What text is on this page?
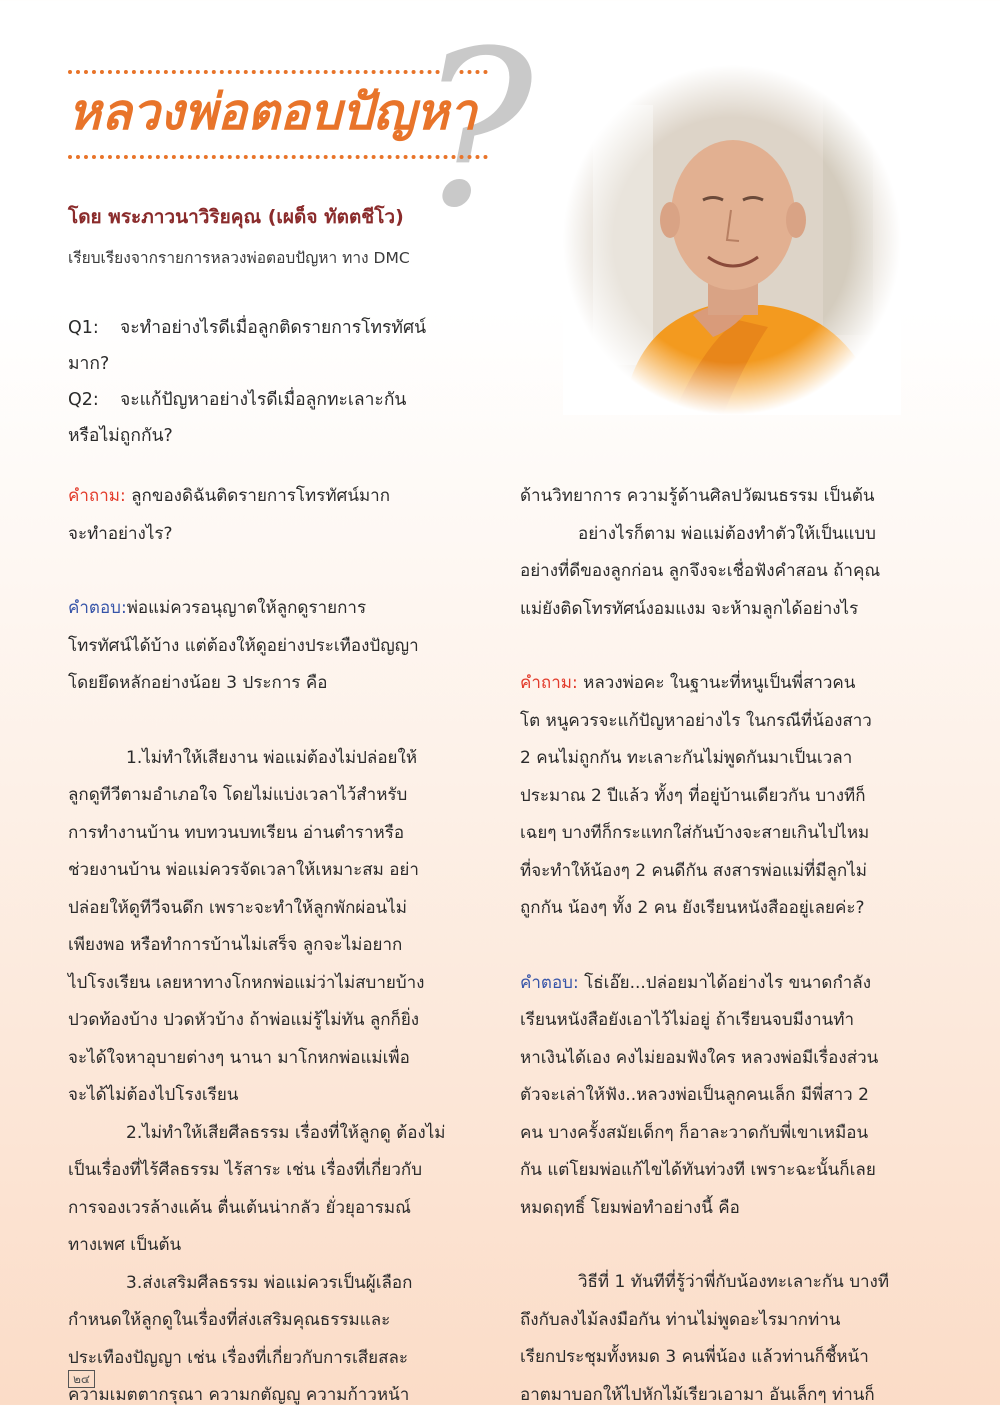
?
หลวงพ่อตอบปัญหา
โดย พระภาวนาวิริยคุณ (เผด็จ ทัตตชีโว)
เรียบเรียงจากรายการหลวงพ่อตอบปัญหา ทาง DMC

Q1: จะทำอย่างไรดีเมื่อลูกติดรายการโทรทัศน์

มาก?

Q2: จะแก้ปัญหาอย่างไรดีเมื่อลูกทะเลาะกัน

หรือไม่ถูกกัน?

คำถาม: ลูกของดิฉันติดรายการโทรทัศน์มาก

จะทำอย่างไร?

คำตอบ:พ่อแม่ควรอนุญาตให้ลูกดูรายการ

โทรทัศน์ได้บ้าง แต่ต้องให้ดูอย่างประเทืองปัญญา

โดยยึดหลักอย่างน้อย 3 ประการ คือ

1.ไม่ทำให้เสียงาน พ่อแม่ต้องไม่ปล่อยให้

ลูกดูทีวีตามอำเภอใจ โดยไม่แบ่งเวลาไว้สำหรับ

การทำงานบ้าน ทบทวนบทเรียน อ่านตำราหรือ

ช่วยงานบ้าน พ่อแม่ควรจัดเวลาให้เหมาะสม อย่า

ปล่อยให้ดูทีวีจนดึก เพราะจะทำให้ลูกพักผ่อนไม่

เพียงพอ หรือทำการบ้านไม่เสร็จ ลูกจะไม่อยาก

ไปโรงเรียน เลยหาทางโกหกพ่อแม่ว่าไม่สบายบ้าง

ปวดท้องบ้าง ปวดหัวบ้าง ถ้าพ่อแม่รู้ไม่ทัน ลูกก็ยิ่ง

จะได้ใจหาอุบายต่างๆ นานา มาโกหกพ่อแม่เพื่อ

จะได้ไม่ต้องไปโรงเรียน

2.ไม่ทำให้เสียศีลธรรม เรื่องที่ให้ลูกดู ต้องไม่

เป็นเรื่องที่ไร้ศีลธรรม ไร้สาระ เช่น เรื่องที่เกี่ยวกับ

การจองเวรล้างแค้น ตื่นเต้นน่ากลัว ยั่วยุอารมณ์

ทางเพศ เป็นต้น

3.ส่งเสริมศีลธรรม พ่อแม่ควรเป็นผู้เลือก

กำหนดให้ลูกดูในเรื่องที่ส่งเสริมคุณธรรมและ

ประเทืองปัญญา เช่น เรื่องที่เกี่ยวกับการเสียสละ

ความเมตตากรุณา ความกตัญญู ความก้าวหน้า

ด้านวิทยาการ ความรู้ด้านศิลปวัฒนธรรม เป็นต้น

อย่างไรก็ตาม พ่อแม่ต้องทำตัวให้เป็นแบบ

อย่างที่ดีของลูกก่อน ลูกจึงจะเชื่อฟังคำสอน ถ้าคุณ

แม่ยังติดโทรทัศน์งอมแงม จะห้ามลูกได้อย่างไร

คำถาม: หลวงพ่อคะ ในฐานะที่หนูเป็นพี่สาวคน

โต หนูควรจะแก้ปัญหาอย่างไร ในกรณีที่น้องสาว

2 คนไม่ถูกกัน ทะเลาะกันไม่พูดกันมาเป็นเวลา

ประมาณ 2 ปีแล้ว ทั้งๆ ที่อยู่บ้านเดียวกัน บางทีก็

เฉยๆ บางทีก็กระแทกใส่กันบ้างจะสายเกินไปไหม

ที่จะทำให้น้องๆ 2 คนดีกัน สงสารพ่อแม่ที่มีลูกไม่

ถูกกัน น้องๆ ทั้ง 2 คน ยังเรียนหนังสืออยู่เลยค่ะ?

คำตอบ: โธ่เอ๊ย...ปล่อยมาได้อย่างไร ขนาดกำลัง

เรียนหนังสือยังเอาไว้ไม่อยู่ ถ้าเรียนจบมีงานทำ

หาเงินได้เอง คงไม่ยอมฟังใคร หลวงพ่อมีเรื่องส่วน

ตัวจะเล่าให้ฟัง..หลวงพ่อเป็นลูกคนเล็ก มีพี่สาว 2

คน บางครั้งสมัยเด็กๆ ก็อาละวาดกับพี่เขาเหมือน

กัน แต่โยมพ่อแก้ไขได้ทันท่วงที เพราะฉะนั้นก็เลย

หมดฤทธิ์ โยมพ่อทำอย่างนี้ คือ

วิธีที่ 1 ทันทีที่รู้ว่าพี่กับน้องทะเลาะกัน บางที

ถึงกับลงไม้ลงมือกัน ท่านไม่พูดอะไรมากท่าน

เรียกประชุมทั้งหมด 3 คนพี่น้อง แล้วท่านก็ชี้หน้า

อาตมาบอกให้ไปหักไม้เรียวเอามา อันเล็กๆ ท่านก็

๒๔
